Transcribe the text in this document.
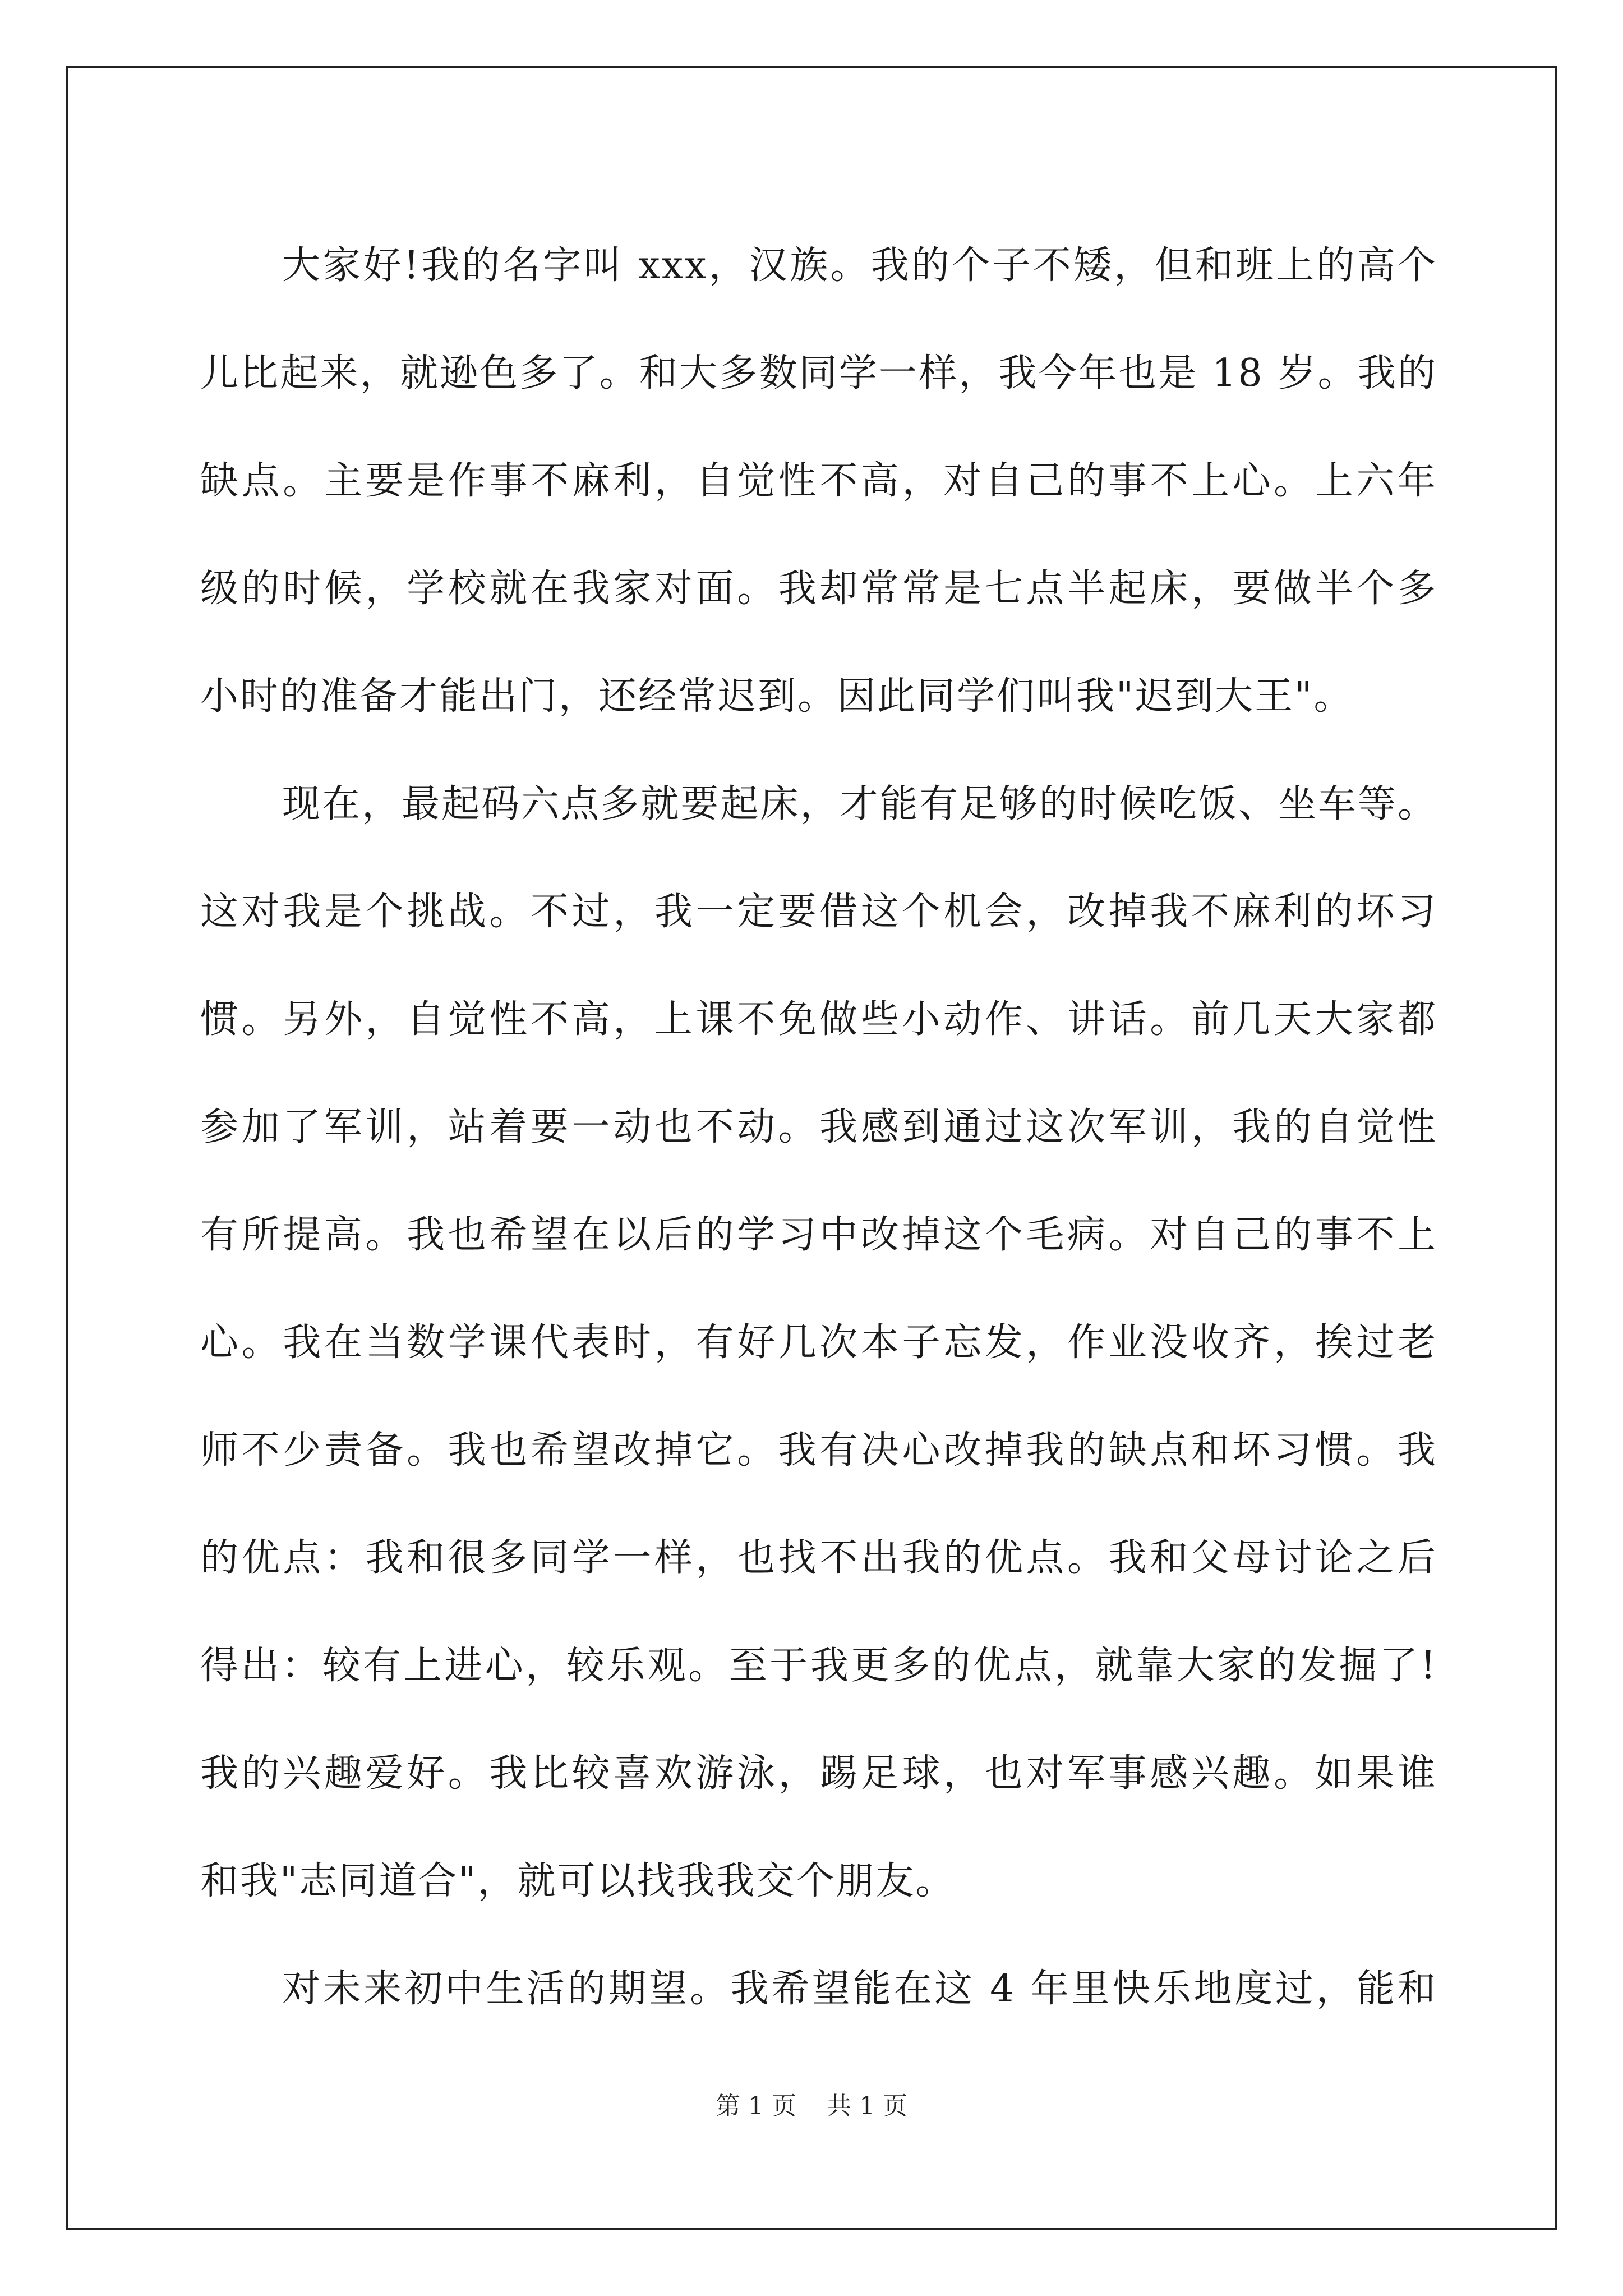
大家好!我的名字叫 xxx，汉族。我的个子不矮，但和班上的高个
儿比起来，就逊色多了。和大多数同学一样，我今年也是 18 岁。我的
缺点。主要是作事不麻利，自觉性不高，对自己的事不上心。上六年
级的时候，学校就在我家对面。我却常常是七点半起床，要做半个多
小时的准备才能出门，还经常迟到。因此同学们叫我"迟到大王"。
现在，最起码六点多就要起床，才能有足够的时候吃饭、坐车等。
这对我是个挑战。不过，我一定要借这个机会，改掉我不麻利的坏习
惯。另外，自觉性不高，上课不免做些小动作、讲话。前几天大家都
参加了军训，站着要一动也不动。我感到通过这次军训，我的自觉性
有所提高。我也希望在以后的学习中改掉这个毛病。对自己的事不上
心。我在当数学课代表时，有好几次本子忘发，作业没收齐，挨过老
师不少责备。我也希望改掉它。我有决心改掉我的缺点和坏习惯。我
的优点：我和很多同学一样，也找不出我的优点。我和父母讨论之后
得出：较有上进心，较乐观。至于我更多的优点，就靠大家的发掘了!
我的兴趣爱好。我比较喜欢游泳，踢足球，也对军事感兴趣。如果谁
和我"志同道合"，就可以找我我交个朋友。
对未来初中生活的期望。我希望能在这 4 年里快乐地度过，能和
第 1 页 共 1 页
